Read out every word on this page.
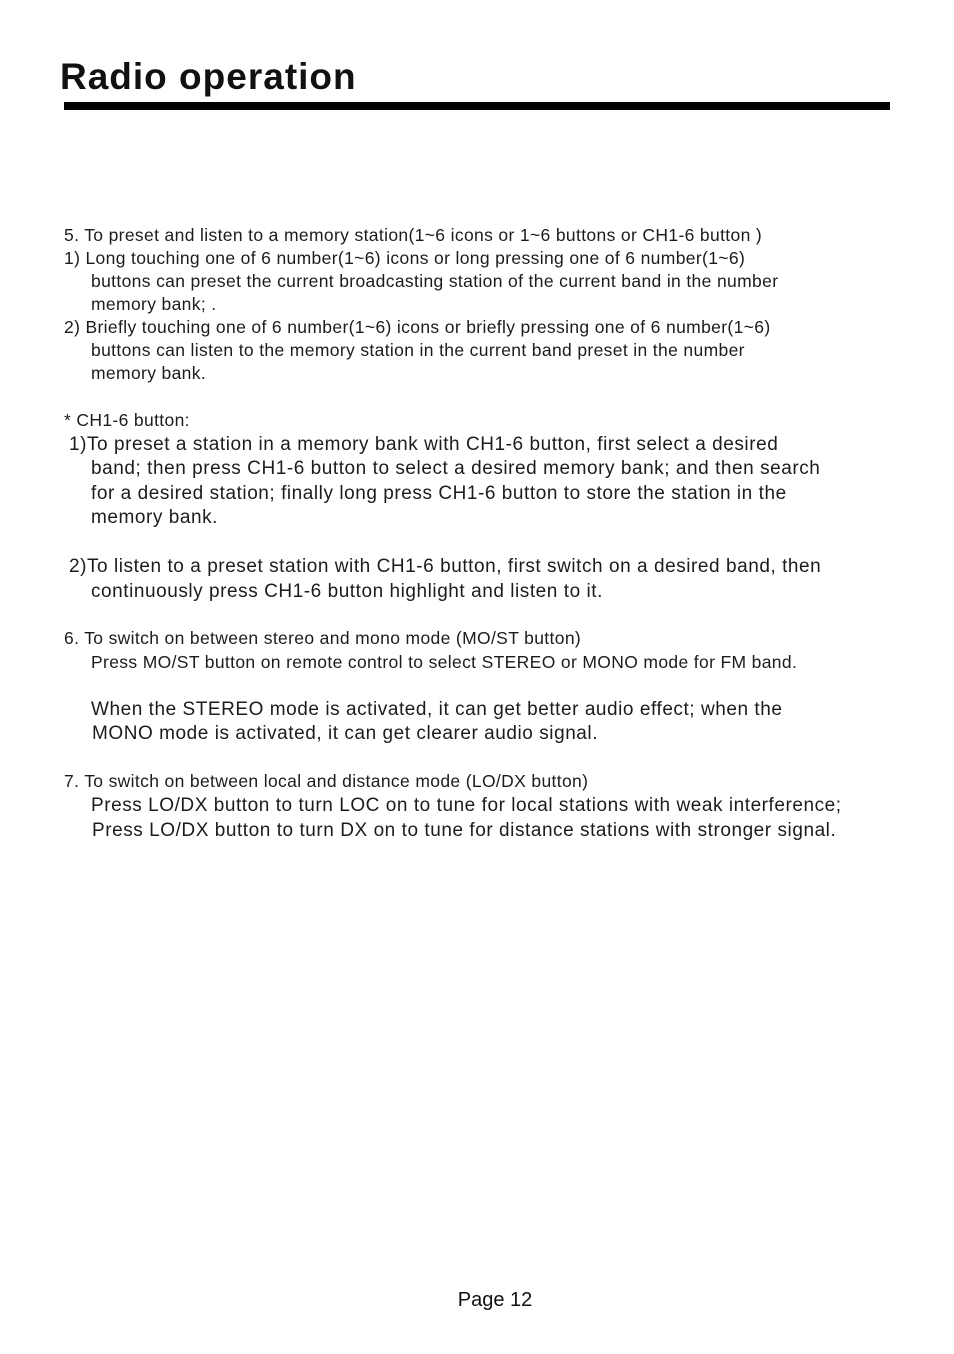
Radio operation
5. To preset and listen to a memory station(1~6 icons or 1~6 buttons or CH1-6 button )
1) Long touching one of 6 number(1~6) icons or long pressing one of 6 number(1~6)
buttons can preset the current broadcasting station of the current band in the number
memory bank; .
2) Briefly touching one of 6 number(1~6) icons or briefly pressing one of 6 number(1~6)
buttons can listen to the memory station in the current band preset in the number
memory bank.
* CH1-6 button:
1)To preset a station in a memory bank with CH1-6 button, first select a desired
band; then press CH1-6 button to select a desired memory bank; and then search
for a desired station; finally long press CH1-6 button to store the station in the
memory bank.
2)To listen to a preset station with CH1-6 button, first switch on a desired band, then
continuously press CH1-6 button highlight and listen to it.
6. To switch on between stereo and mono mode (MO/ST button)
Press MO/ST button on remote control to select STEREO or MONO mode for FM band.
When the STEREO mode is activated, it can get better audio effect; when the
MONO mode is activated, it can get clearer audio signal.
7. To switch on between local and distance mode (LO/DX button)
Press LO/DX button to turn LOC on to tune for local stations with weak interference;
Press LO/DX button to turn DX on to tune for distance stations with stronger signal.
Page 12
